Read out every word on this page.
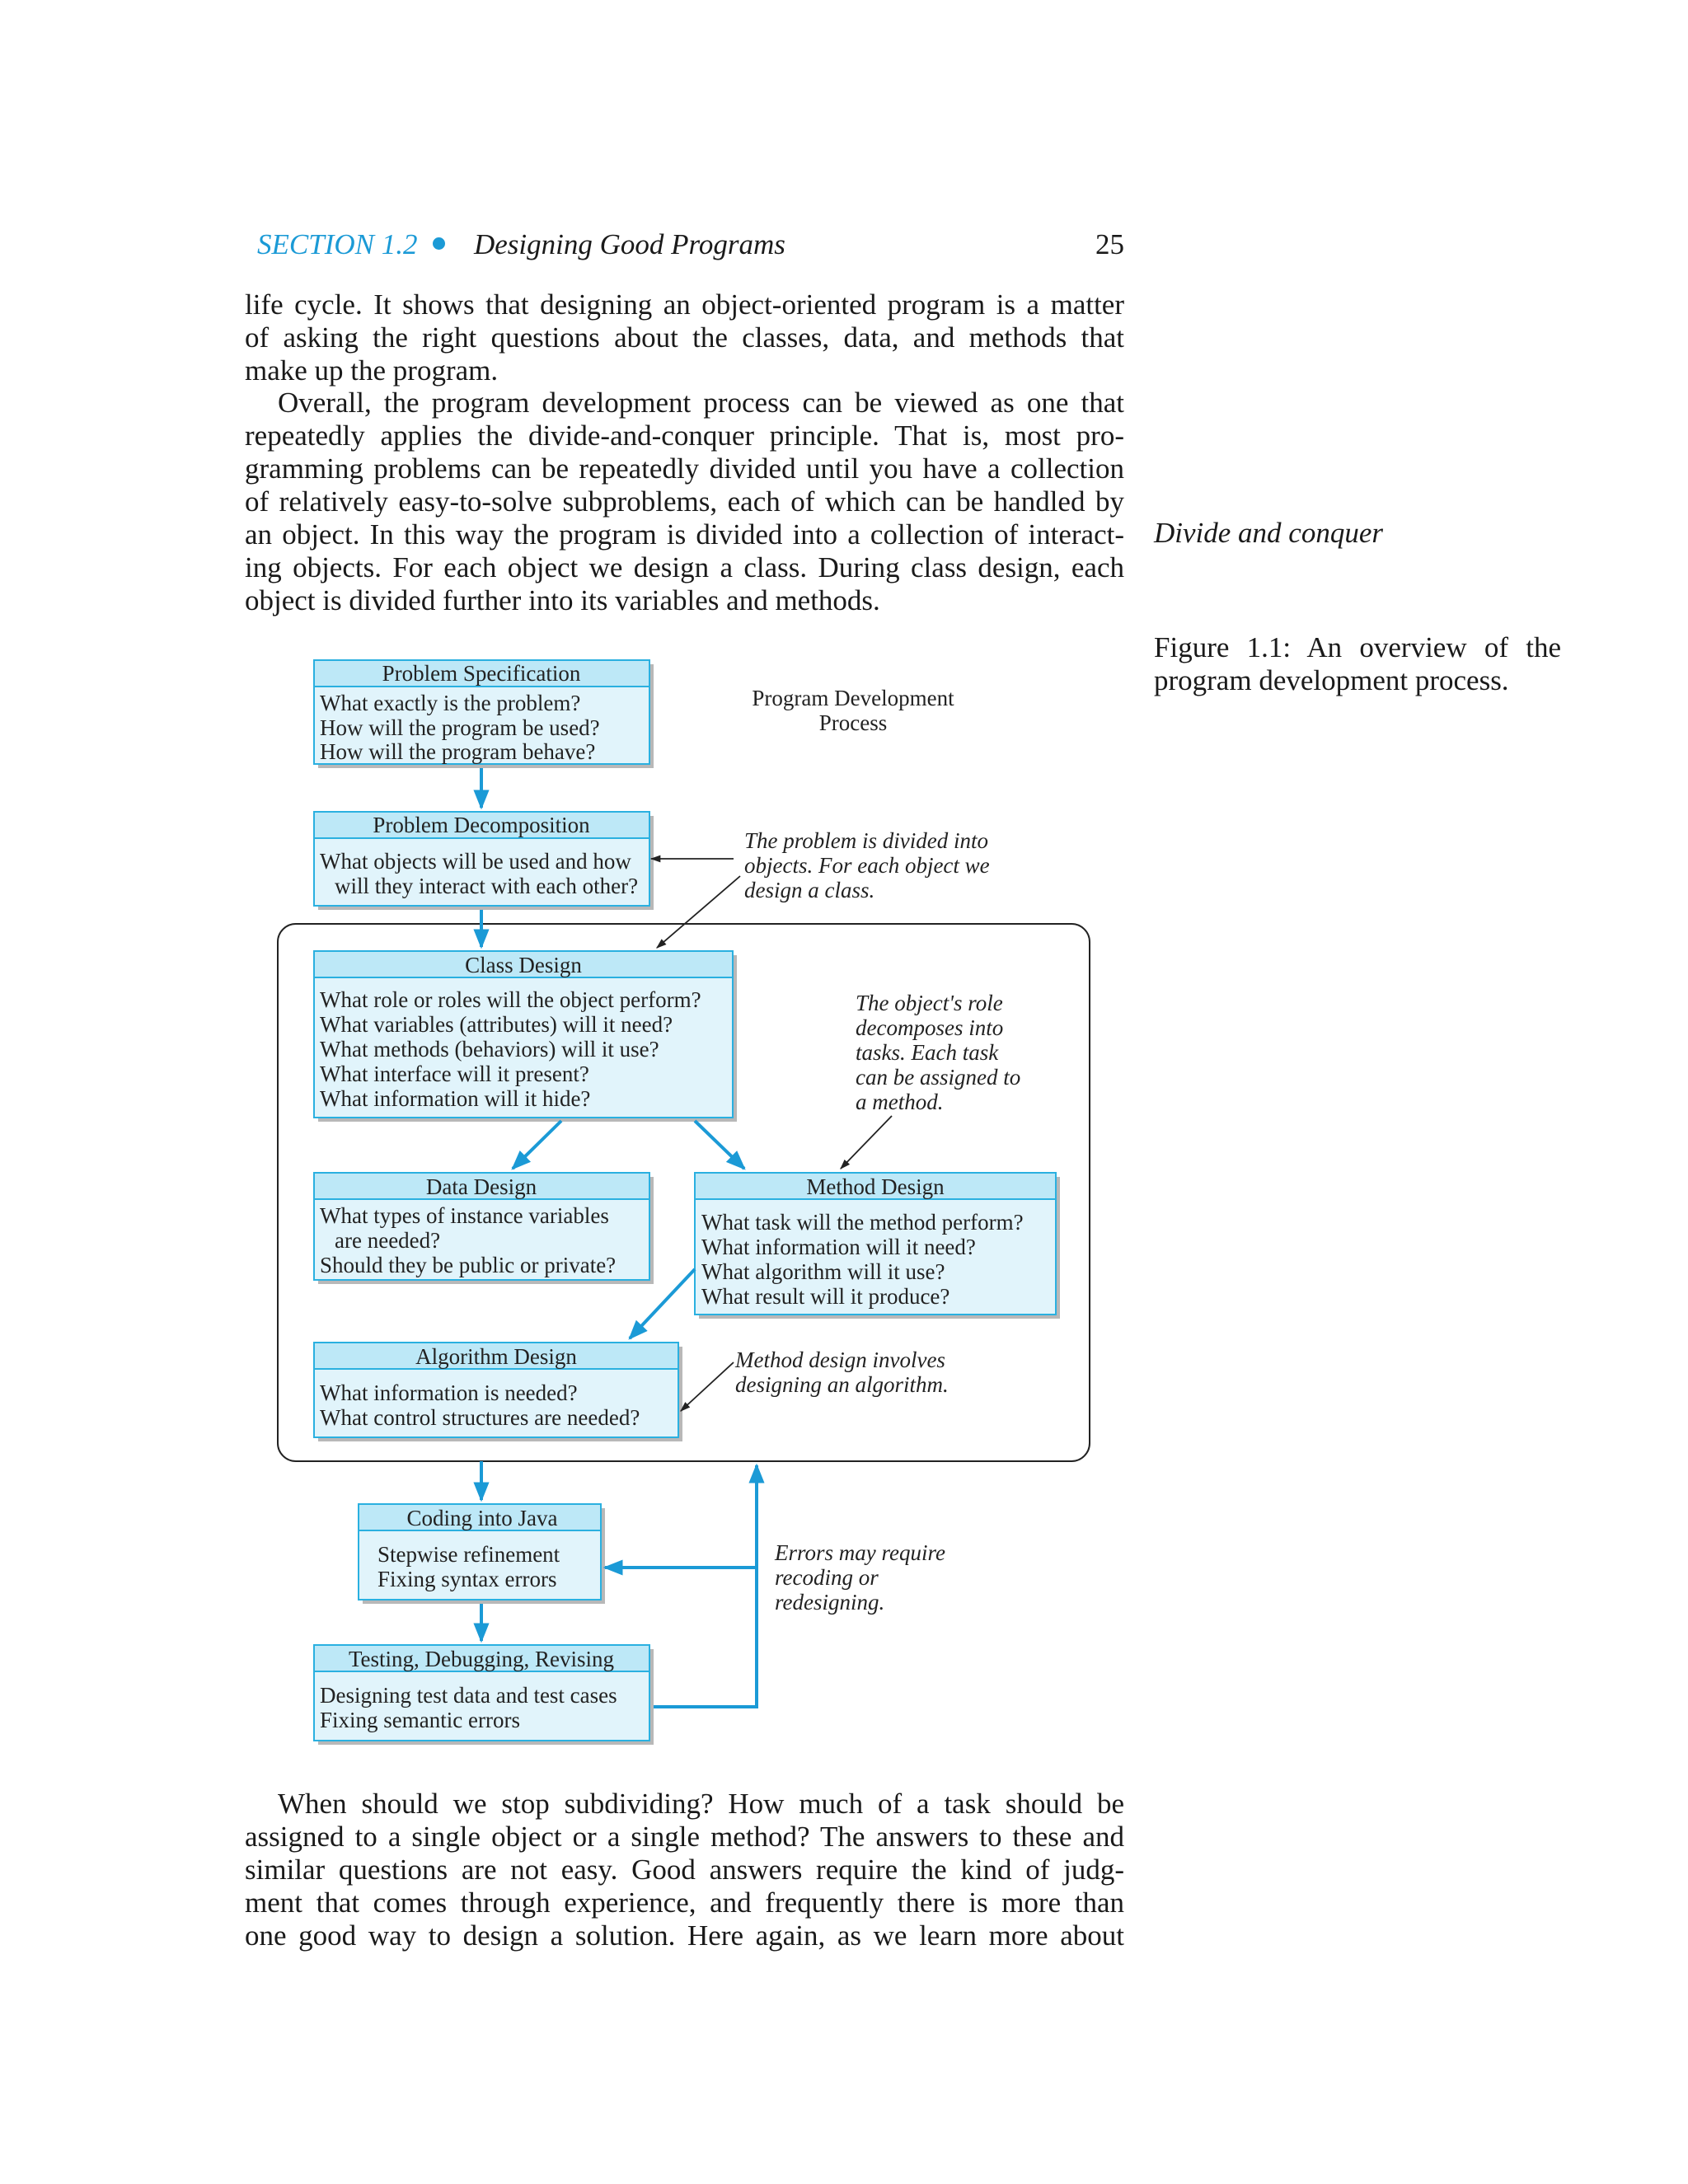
SECTION 1.2 Designing Good Programs	25

life cycle. It shows that designing an object-oriented program is a matter

of asking the right questions about the classes, data, and methods that

make up the program.

Overall, the program development process can be viewed as one that

repeatedly applies the divide-and-conquer principle. That is, most pro-

gramming problems can be repeatedly divided until you have a collection

of relatively easy-to-solve subproblems, each of which can be handled by

an object. In this way the program is divided into a collection of interact-

ing objects. For each object we design a class. During class design, each

object is divided further into its variables and methods.

Divide and conquer
Figure 1.1: An overview of the
program development process.
Program Development
Process
Problem Specification
What exactly is the problem?
How will the program be used?
How will the program behave?
Problem Decomposition
What objects will be used and how
will they interact with each other?
Class Design
What role or roles will the object perform?
What variables (attributes) will it need?
What methods (behaviors) will it use?
What interface will it present?
What information will it hide?
Data Design
What types of instance variables
are needed?
Should they be public or private?
Method Design
What task will the method perform?
What information will it need?
What algorithm will it use?
What result will it produce?
Algorithm Design
What information is needed?
What control structures are needed?
Coding into Java
Stepwise refinement
Fixing syntax errors
Testing, Debugging, Revising
Designing test data and test cases
Fixing semantic errors
The problem is divided into
objects. For each object we
design a class.
The object's role
decomposes into
tasks. Each task
can be assigned to
a method.
Method design involves
designing an algorithm.
Errors may require
recoding or
redesigning.

When should we stop subdividing? How much of a task should be

assigned to a single object or a single method? The answers to these and

similar questions are not easy. Good answers require the kind of judg-

ment that comes through experience, and frequently there is more than

one good way to design a solution. Here again, as we learn more about
